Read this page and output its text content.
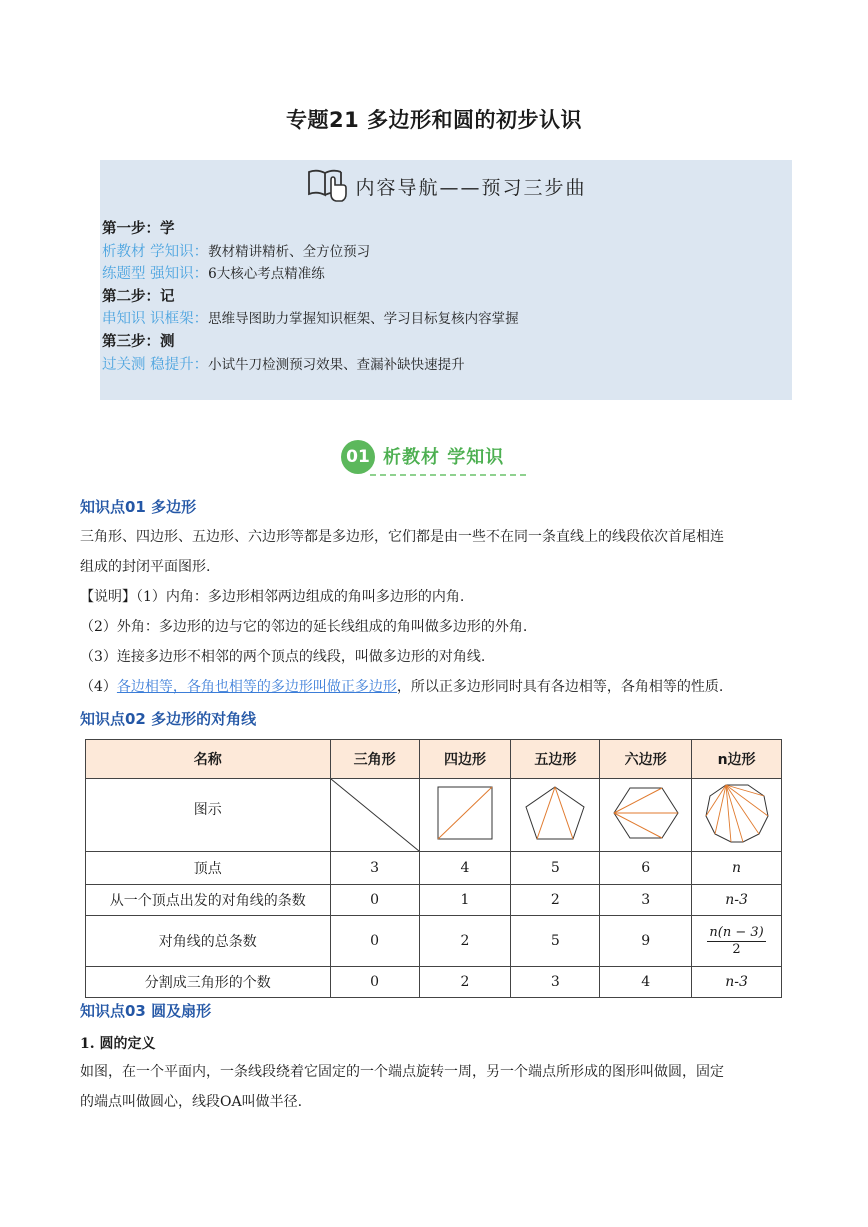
专题21 多边形和圆的初步认识
内容导航——预习三步曲
第一步：学
析教材 学知识：教材精讲精析、全方位预习
练题型 强知识：6大核心考点精准练
第二步：记
串知识 识框架：思维导图助力掌握知识框架、学习目标复核内容掌握
第三步：测
过关测 稳提升：小试牛刀检测预习效果、查漏补缺快速提升
01 析教材 学知识
知识点01 多边形
三角形、四边形、五边形、六边形等都是多边形，它们都是由一些不在同一条直线上的线段依次首尾相连
组成的封闭平面图形.
【说明】（1）内角：多边形相邻两边组成的角叫多边形的内角.
（2）外角：多边形的边与它的邻边的延长线组成的角叫做多边形的外角.
（3）连接多边形不相邻的两个顶点的线段，叫做多边形的对角线.
（4）各边相等，各角也相等的多边形叫做正多边形，所以正多边形同时具有各边相等，各角相等的性质.
知识点02 多边形的对角线
名称	三角形	四边形	五边形	六边形	n边形
图示	

顶点	3	4	5	6	n
从一个顶点出发的对角线的条数	0	1	2	3	n-3
对角线的总条数	0	2	5	9	$\frac{n(n - 3)}{2}$

分割成三角形的个数	0	2	3	4	n-3
知识点03 圆及扇形
1. 圆的定义
如图，在一个平面内，一条线段绕着它固定的一个端点旋转一周，另一个端点所形成的图形叫做圆，固定
的端点叫做圆心，线段OA叫做半径.
